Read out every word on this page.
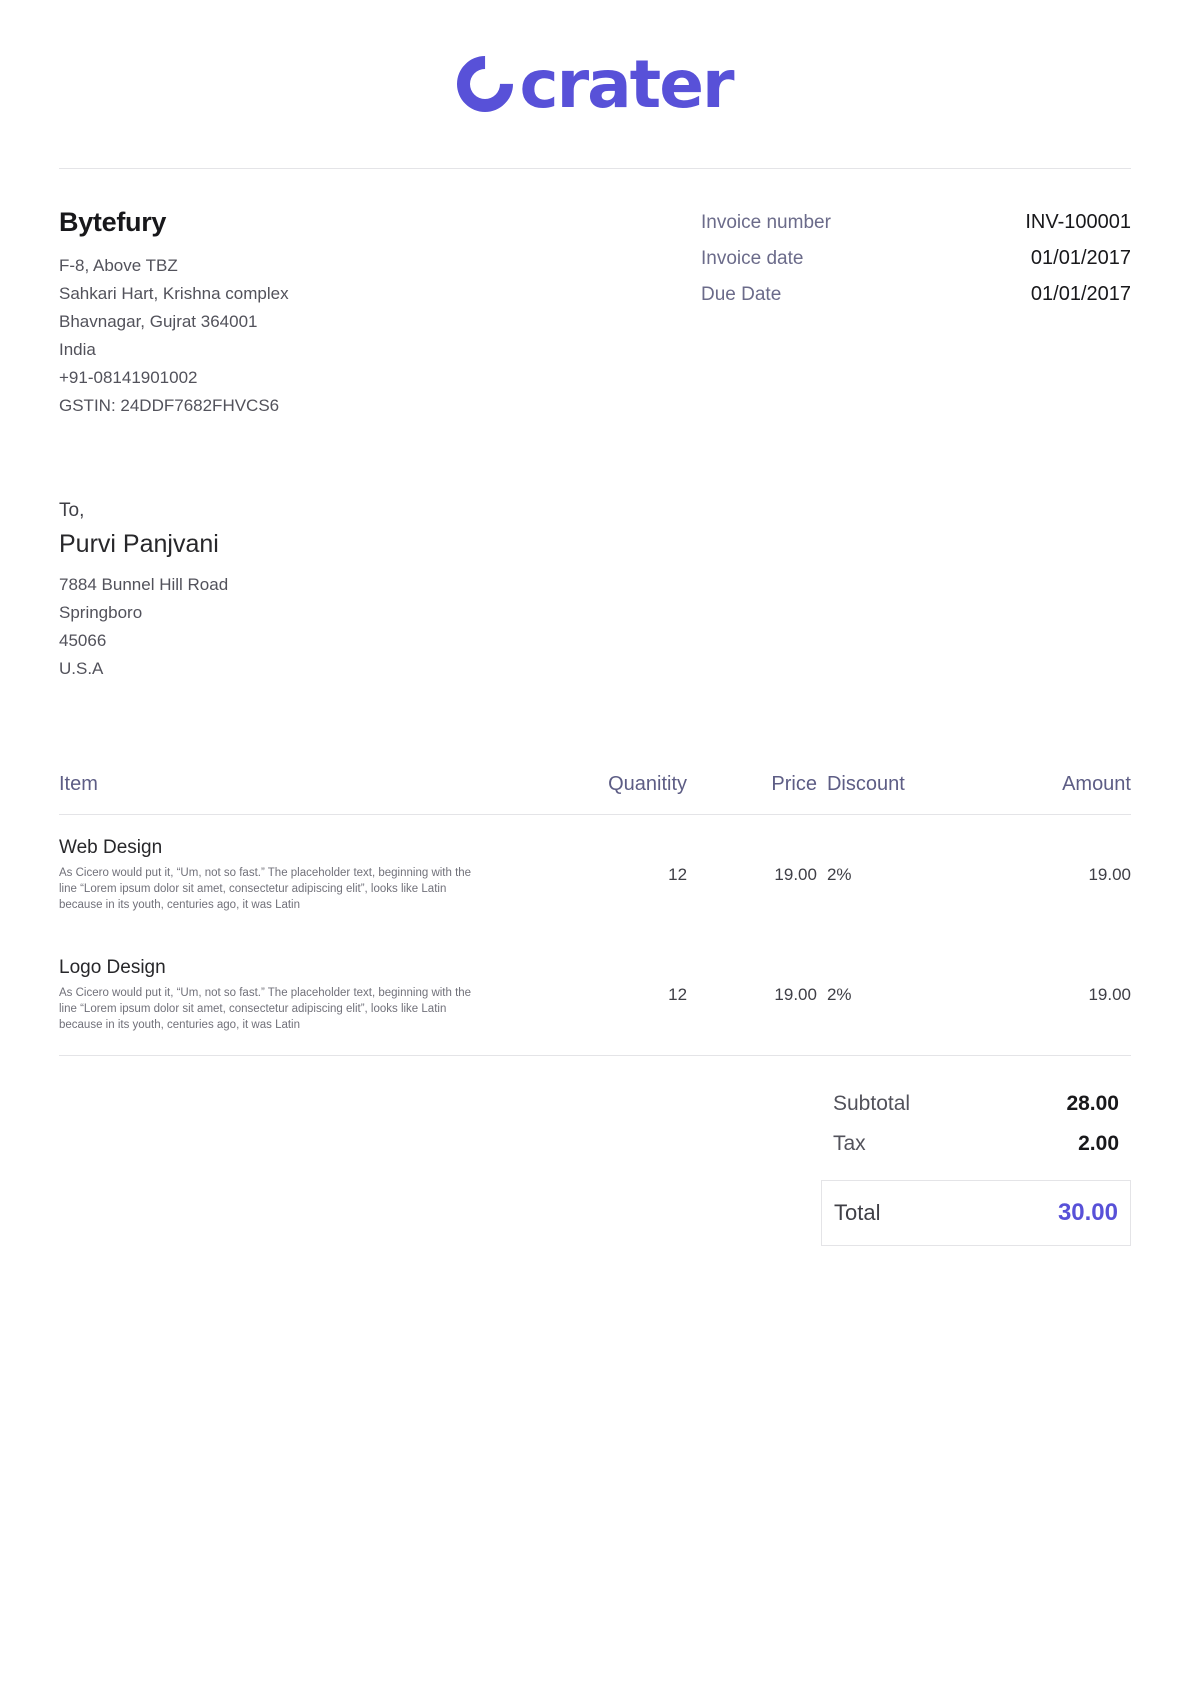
crater
Bytefury
F-8, Above TBZ
Sahkari Hart, Krishna complex
Bhavnagar, Gujrat 364001
India
+91-08141901002
GSTIN: 24DDF7682FHVCS6
Invoice number	INV-100001
Invoice date	01/01/2017
Due Date	01/01/2017
To,
Purvi Panjvani
7884 Bunnel Hill Road
Springboro
45066
U.S.A
Item	Quanitity	Price	Discount	Amount

Web Design
As Cicero would put it, “Um, not so fast.” The placeholder text, beginning with the line “Lorem ipsum dolor sit amet, consectetur adipiscing elit”, looks like Latin because in its youth, centuries ago, it was Latin	12	19.00	2%	19.00

Logo Design
As Cicero would put it, “Um, not so fast.” The placeholder text, beginning with the line “Lorem ipsum dolor sit amet, consectetur adipiscing elit”, looks like Latin because in its youth, centuries ago, it was Latin	12	19.00	2%	19.00
Subtotal	28.00
Tax	2.00
Total	30.00
